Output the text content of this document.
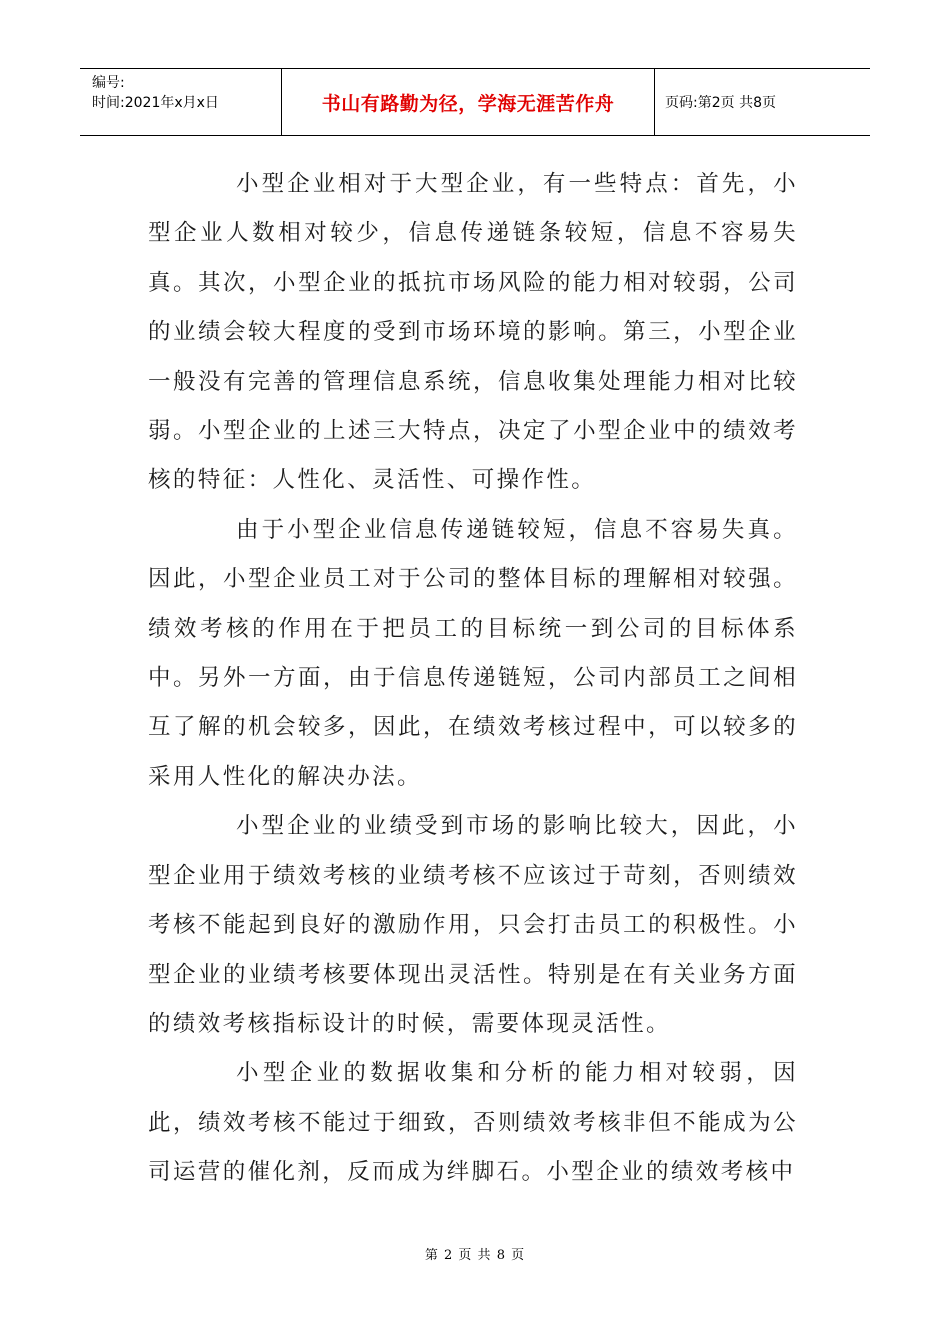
编号:
时间:2021年x月x日	书山有路勤为径，学海无涯苦作舟	页码:第2页 共8页

小型企业相对于大型企业，有一些特点：首先，小型企业人数相对较少，信息传递链条较短，信息不容易失真。其次，小型企业的抵抗市场风险的能力相对较弱，公司的业绩会较大程度的受到市场环境的影响。第三，小型企业一般没有完善的管理信息系统，信息收集处理能力相对比较弱。小型企业的上述三大特点，决定了小型企业中的绩效考核的特征：人性化、灵活性、可操作性。

由于小型企业信息传递链较短，信息不容易失真。因此，小型企业员工对于公司的整体目标的理解相对较强。绩效考核的作用在于把员工的目标统一到公司的目标体系中。另外一方面，由于信息传递链短，公司内部员工之间相互了解的机会较多，因此，在绩效考核过程中，可以较多的采用人性化的解决办法。

小型企业的业绩受到市场的影响比较大，因此，小型企业用于绩效考核的业绩考核不应该过于苛刻，否则绩效考核不能起到良好的激励作用，只会打击员工的积极性。小型企业的业绩考核要体现出灵活性。特别是在有关业务方面的绩效考核指标设计的时候，需要体现灵活性。

小型企业的数据收集和分析的能力相对较弱，因此，绩效考核不能过于细致，否则绩效考核非但不能成为公司运营的催化剂，反而成为绊脚石。小型企业的绩效考核中

第 2 页 共 8 页
